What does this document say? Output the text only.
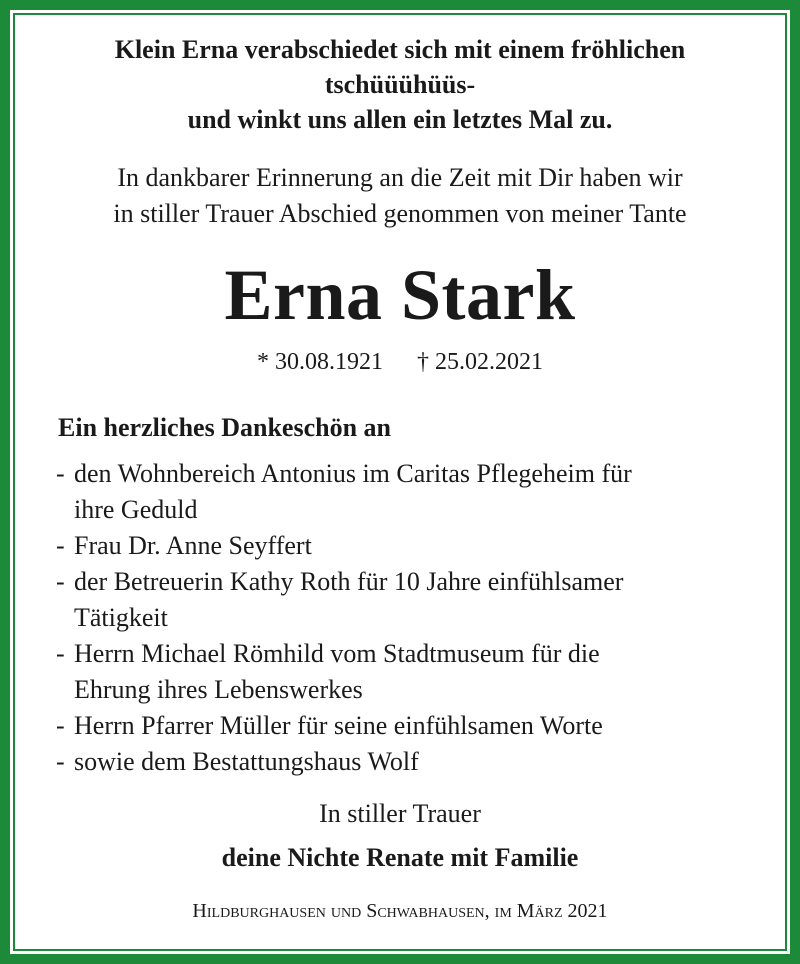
Klein Erna verabschiedet sich mit einem fröhlichen
tschüüühüüs-
und winkt uns allen ein letztes Mal zu.
In dankbarer Erinnerung an die Zeit mit Dir haben wir
in stiller Trauer Abschied genommen von meiner Tante
Erna Stark
* 30.08.1921 † 25.02.2021
Ein herzliches Dankeschön an
- den Wohnbereich Antonius im Caritas Pflegeheim für
ihre Geduld
- Frau Dr. Anne Seyffert
- der Betreuerin Kathy Roth für 10 Jahre einfühlsamer
Tätigkeit
- Herrn Michael Römhild vom Stadtmuseum für die
Ehrung ihres Lebenswerkes
- Herrn Pfarrer Müller für seine einfühlsamen Worte
- sowie dem Bestattungshaus Wolf
In stiller Trauer
deine Nichte Renate mit Familie
Hildburghausen und Schwabhausen, im März 2021
